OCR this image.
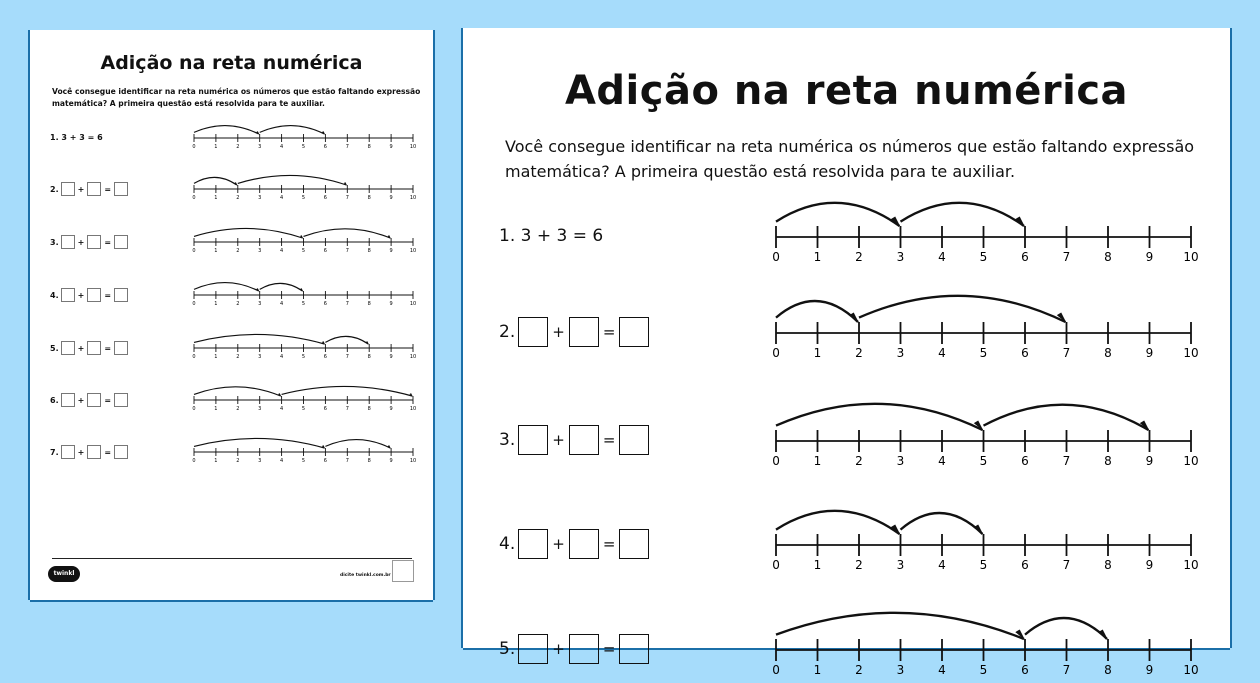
Adição na reta numérica
Você consegue identificar na reta numérica os números que estão faltando expressão matemática? A primeira questão está resolvida para te auxiliar.
1. 3 + 3 = 6
0	1	2	3	4	5	6	7	8	9	10
2. +	=
0	1	2	3	4	5	6	7	8	9	10
3. +	=
0	1	2	3	4	5	6	7	8	9	10
4. +	=
0	1	2	3	4	5	6	7	8	9	10
5. +	=
0	1	2	3	4	5	6	7	8	9	10
6. +	=
0	1	2	3	4	5	6	7	8	9	10
7. +	=
0	1	2	3	4	5	6	7	8	9	10
twinkl	dicite twinkl.com.br
Adição na reta numérica
Você consegue identificar na reta numérica os números que estão faltando expressão matemática? A primeira questão está resolvida para te auxiliar.
1. 3 + 3 = 6
0	1	2	3	4	5	6	7	8	9	10
2. +	=
0	1	2	3	4	5	6	7	8	9	10
3. +	=
0	1	2	3	4	5	6	7	8	9	10
4. +	=
0	1	2	3	4	5	6	7	8	9	10
5. +	=
0	1	2	3	4	5	6	7	8	9	10
